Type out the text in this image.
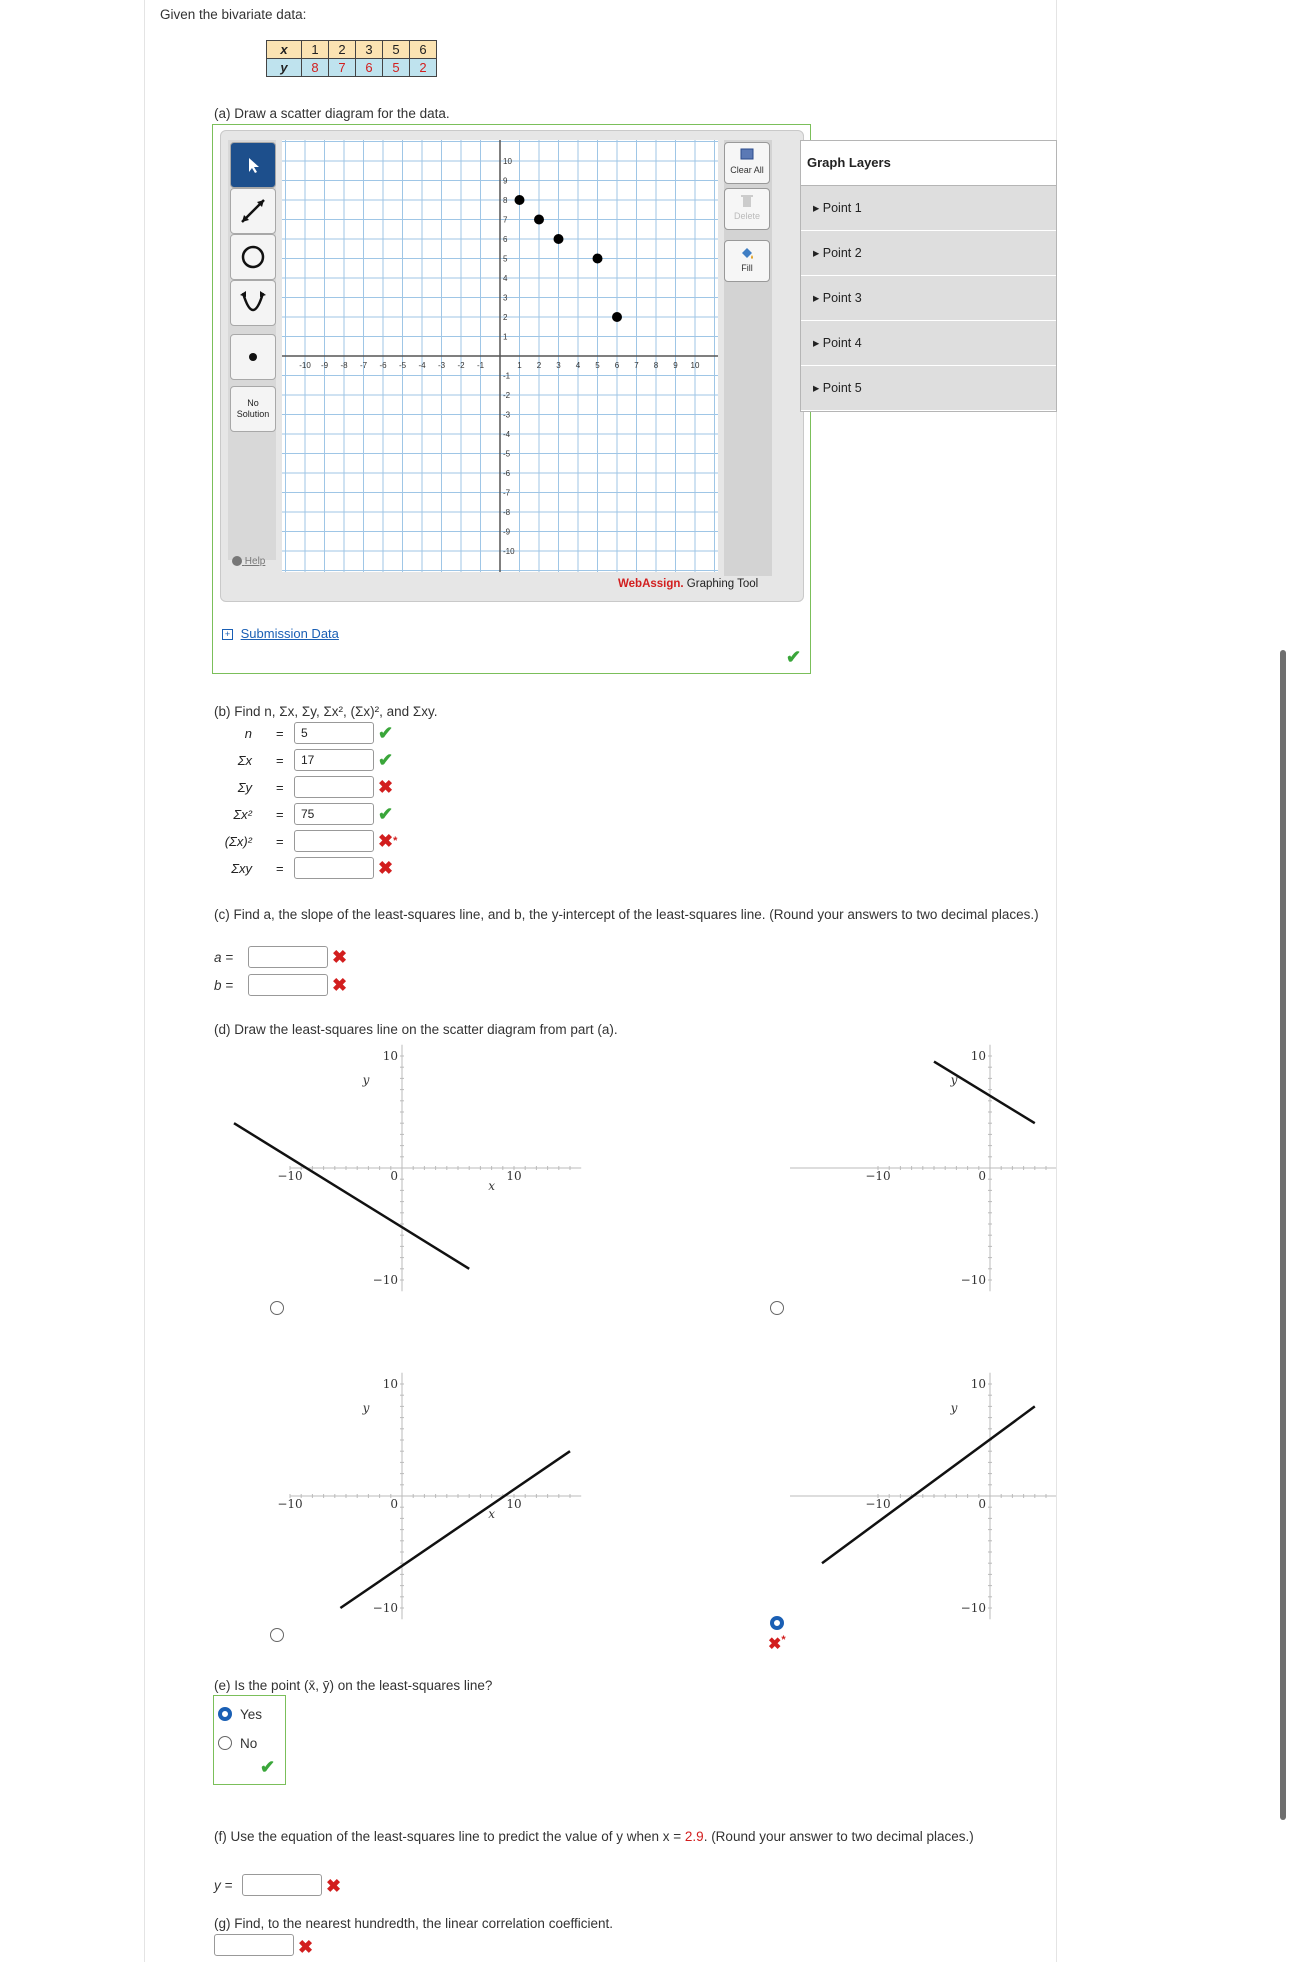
Given the bivariate data:
x	1	2	3	5	6
y	8	7	6	5	2
(a) Draw a scatter diagram for the data.
No
Solution
Help
-10 -9 -8 -7 -6 -5 -4 -3 -2 -1	1 2 3 4 5 6 7 8 9 10
10
9
8
7
6
5
4
3
2
1
-1
-2
-3
-4
-5
-6
-7
-8
-9
-10

Clear All

Delete

Fill
WebAssign. Graphing Tool
Graph Layers
▸ Point 1
▸ Point 2
▸ Point 3
▸ Point 4
▸ Point 5
+ Submission Data
✔
(b) Find n, Σx, Σy, Σx², (Σx)², and Σxy.
n =	5	✔
Σx =	17	✔
Σy =	✖
Σx² =	75	✔
(Σx)² =	✖*
Σxy =	✖
(c) Find a, the slope of the least-squares line, and b, the y-intercept of the least-squares line. (Round your answers to two decimal places.)
a =	✖
b =	✖
(d) Draw the least-squares line on the scatter diagram from part (a).
−10	10
0
10
−10
y
x
−10	0
10
−10
y
−10	10
0
10
−10
y
x
−10	0
10
−10
y
✖*
(e) Is the point (x̄, ȳ) on the least-squares line?
Yes
No
✔
(f) Use the equation of the least-squares line to predict the value of y when x = 2.9. (Round your answer to two decimal places.)
y =	✖
(g) Find, to the nearest hundredth, the linear correlation coefficient.
✖
